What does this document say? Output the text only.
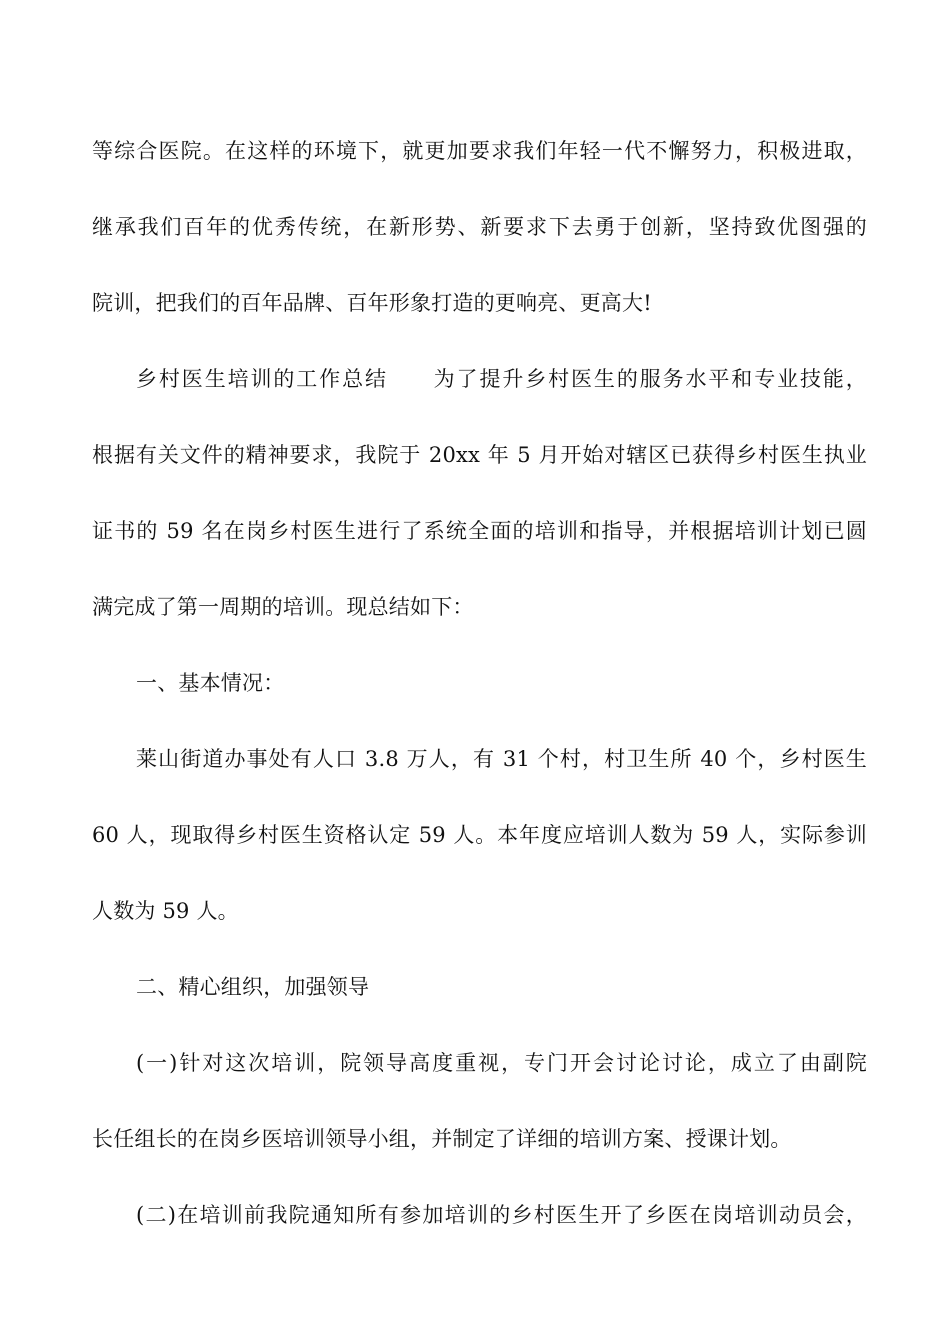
等综合医院。在这样的环境下，就更加要求我们年轻一代不懈努力，积极进取，
继承我们百年的优秀传统，在新形势、新要求下去勇于创新，坚持致优图强的
院训，把我们的百年品牌、百年形象打造的更响亮、更高大!
乡村医生培训的工作总结　　为了提升乡村医生的服务水平和专业技能，
根据有关文件的精神要求，我院于 20xx 年 5 月开始对辖区已获得乡村医生执业
证书的 59 名在岗乡村医生进行了系统全面的培训和指导，并根据培训计划已圆
满完成了第一周期的培训。现总结如下：
一、基本情况：
莱山街道办事处有人口 3.8 万人，有 31 个村，村卫生所 40 个，乡村医生
60 人，现取得乡村医生资格认定 59 人。本年度应培训人数为 59 人，实际参训
人数为 59 人。
二、精心组织，加强领导
(一)针对这次培训，院领导高度重视，专门开会讨论讨论，成立了由副院
长任组长的在岗乡医培训领导小组，并制定了详细的培训方案、授课计划。
(二)在培训前我院通知所有参加培训的乡村医生开了乡医在岗培训动员会，
